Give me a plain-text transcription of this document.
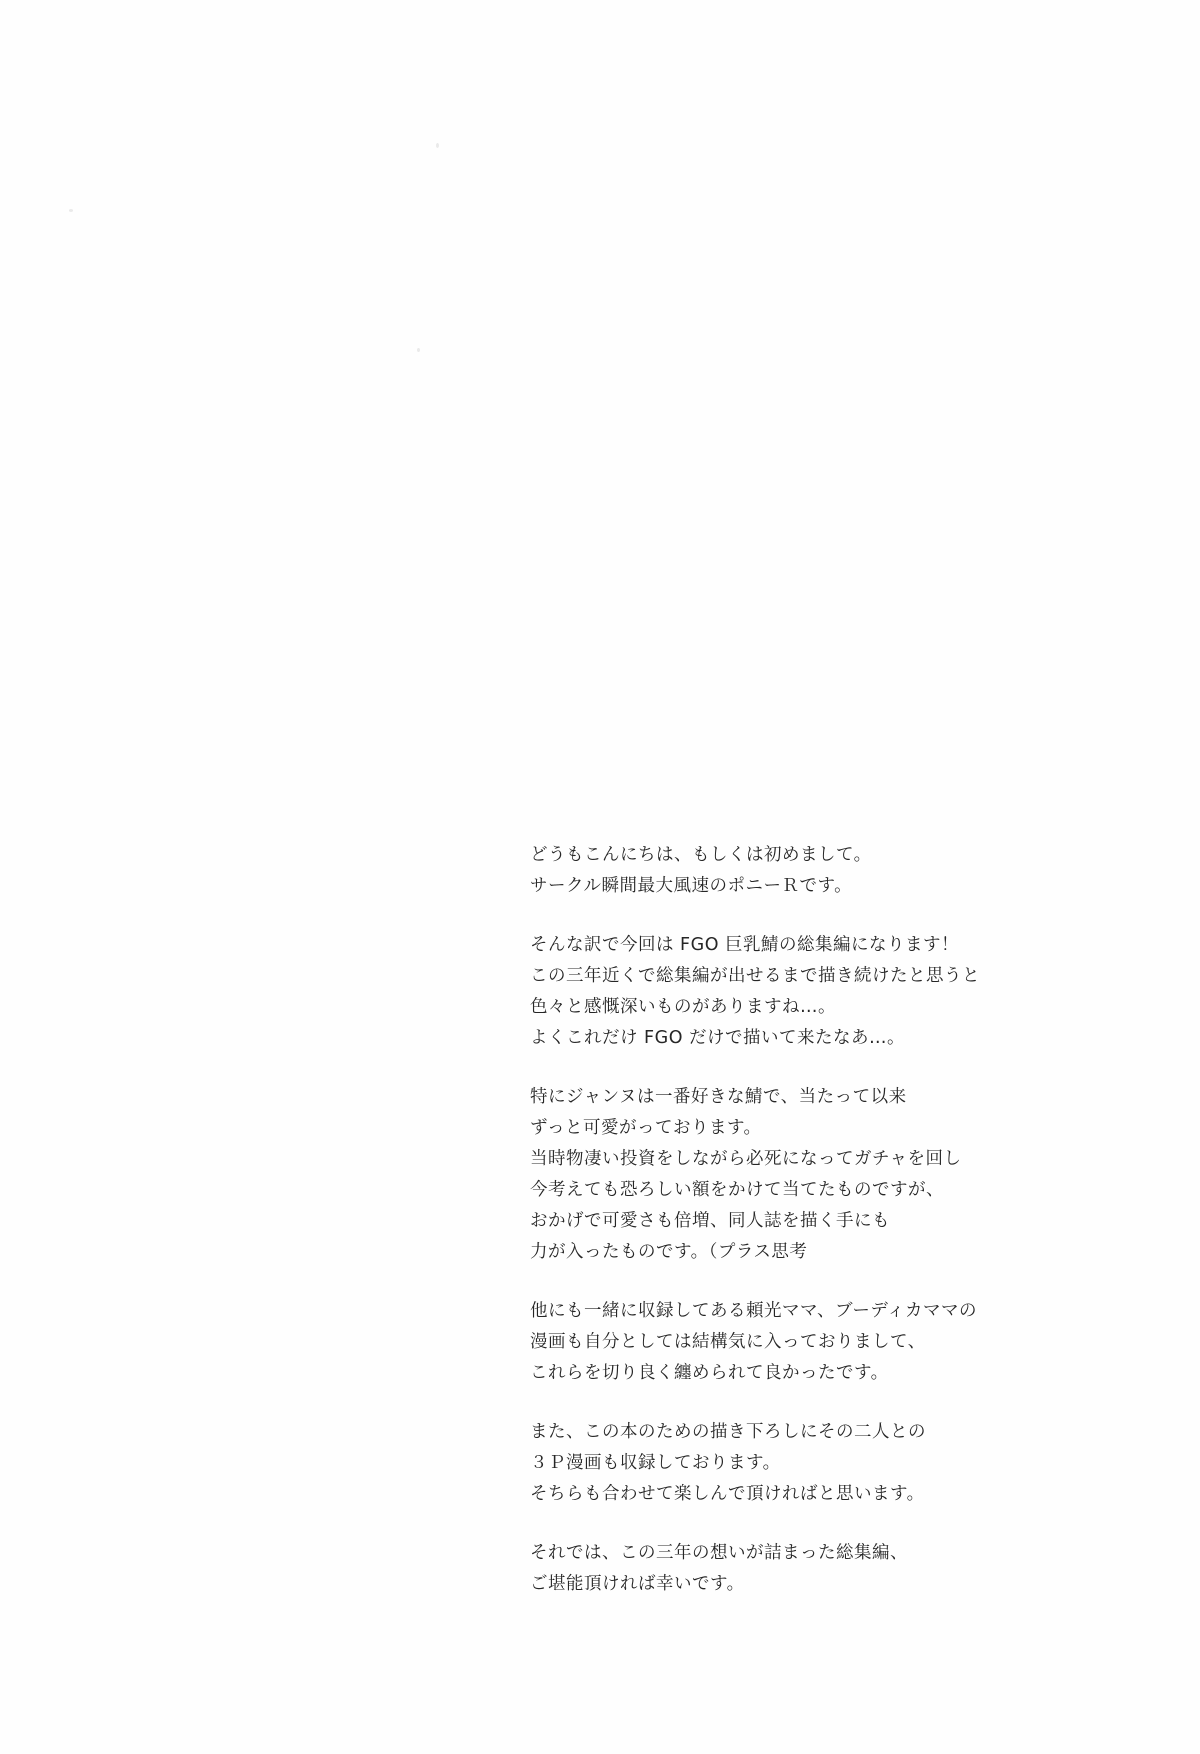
どうもこんにちは、もしくは初めまして。
サークル瞬間最大風速のポニーＲです。
そんな訳で今回は FGO 巨乳鯖の総集編になります！
この三年近くで総集編が出せるまで描き続けたと思うと
色々と感慨深いものがありますね…。
よくこれだけ FGO だけで描いて来たなあ…。
特にジャンヌは一番好きな鯖で、当たって以来
ずっと可愛がっております。
当時物凄い投資をしながら必死になってガチャを回し
今考えても恐ろしい額をかけて当てたものですが、
おかげで可愛さも倍増、同人誌を描く手にも
力が入ったものです。（プラス思考
他にも一緒に収録してある頼光ママ、ブーディカママの
漫画も自分としては結構気に入っておりまして、
これらを切り良く纏められて良かったです。
また、この本のための描き下ろしにその二人との
３Ｐ漫画も収録しております。
そちらも合わせて楽しんで頂ければと思います。
それでは、この三年の想いが詰まった総集編、
ご堪能頂ければ幸いです。
